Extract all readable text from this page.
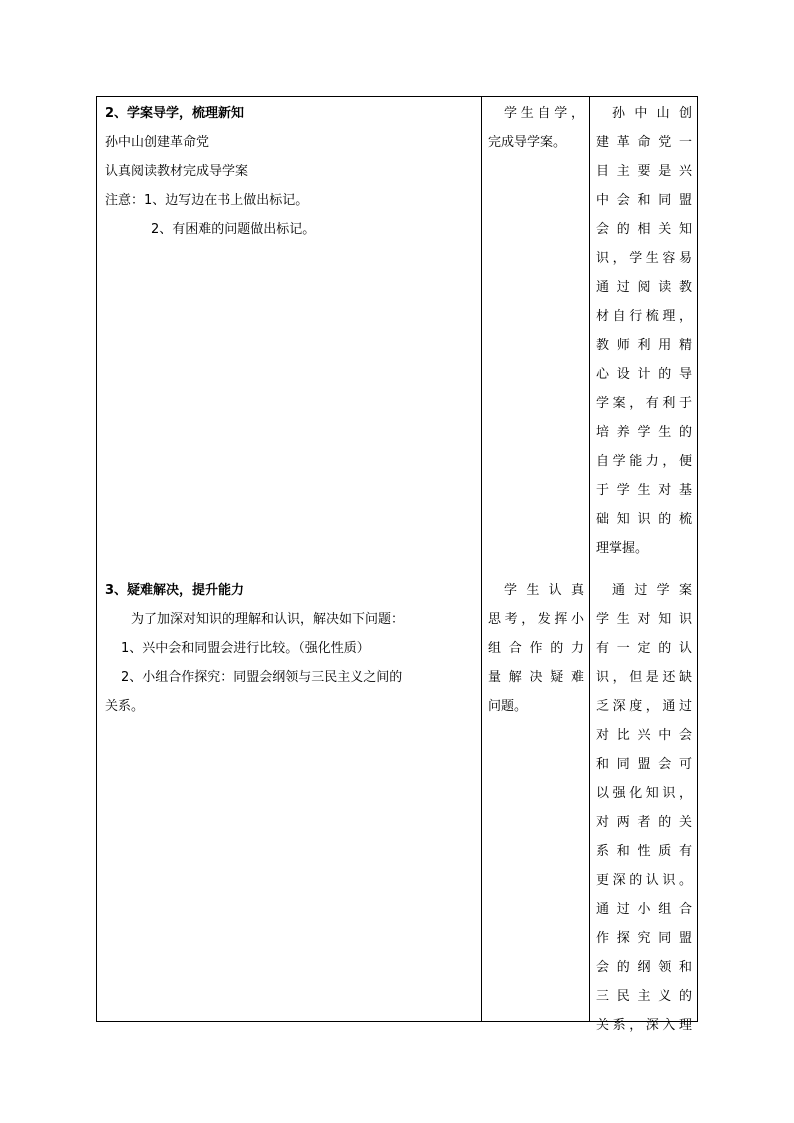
2、学案导学，梳理新知
孙中山创建革命党
认真阅读教材完成导学案
注意：1、边写边在书上做出标记。
2、有困难的问题做出标记。
学生自学，
完成导学案。
孙中山创
建革命党一
目主要是兴
中会和同盟
会的相关知
识，学生容易
通过阅读教
材自行梳理，
教师利用精
心设计的导
学案，有利于
培养学生的
自学能力，便
于学生对基
础知识的梳
理掌握。
3、疑难解决，提升能力
为了加深对知识的理解和认识，解决如下问题：
1、兴中会和同盟会进行比较。（强化性质）
2、小组合作探究：同盟会纲领与三民主义之间的
关系。
学生认真
思考，发挥小
组合作的力
量解决疑难
问题。
通过学案
学生对知识
有一定的认
识，但是还缺
乏深度，通过
对比兴中会
和同盟会可
以强化知识，
对两者的关
系和性质有
更深的认识。
通过小组合
作探究同盟
会的纲领和
三民主义的
关系，深入理
